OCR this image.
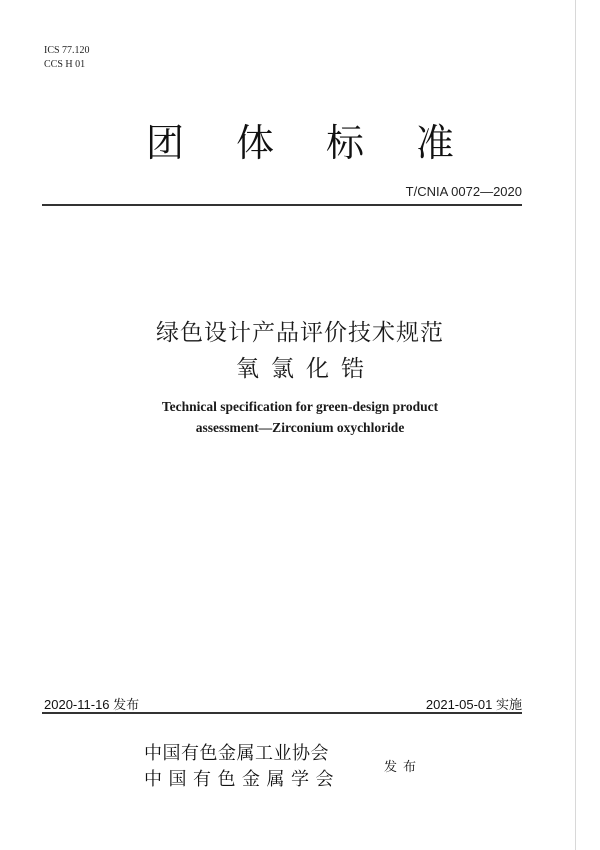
ICS 77.120
CCS H 01
团体标准
T/CNIA 0072—2020
绿色设计产品评价技术规范
氧氯化锆
Technical specification for green-design product
assessment—Zirconium oxychloride
2020-11-16 发布	2021-05-01 实施
中国有色金属工业协会
中国有色金属学会
发布
